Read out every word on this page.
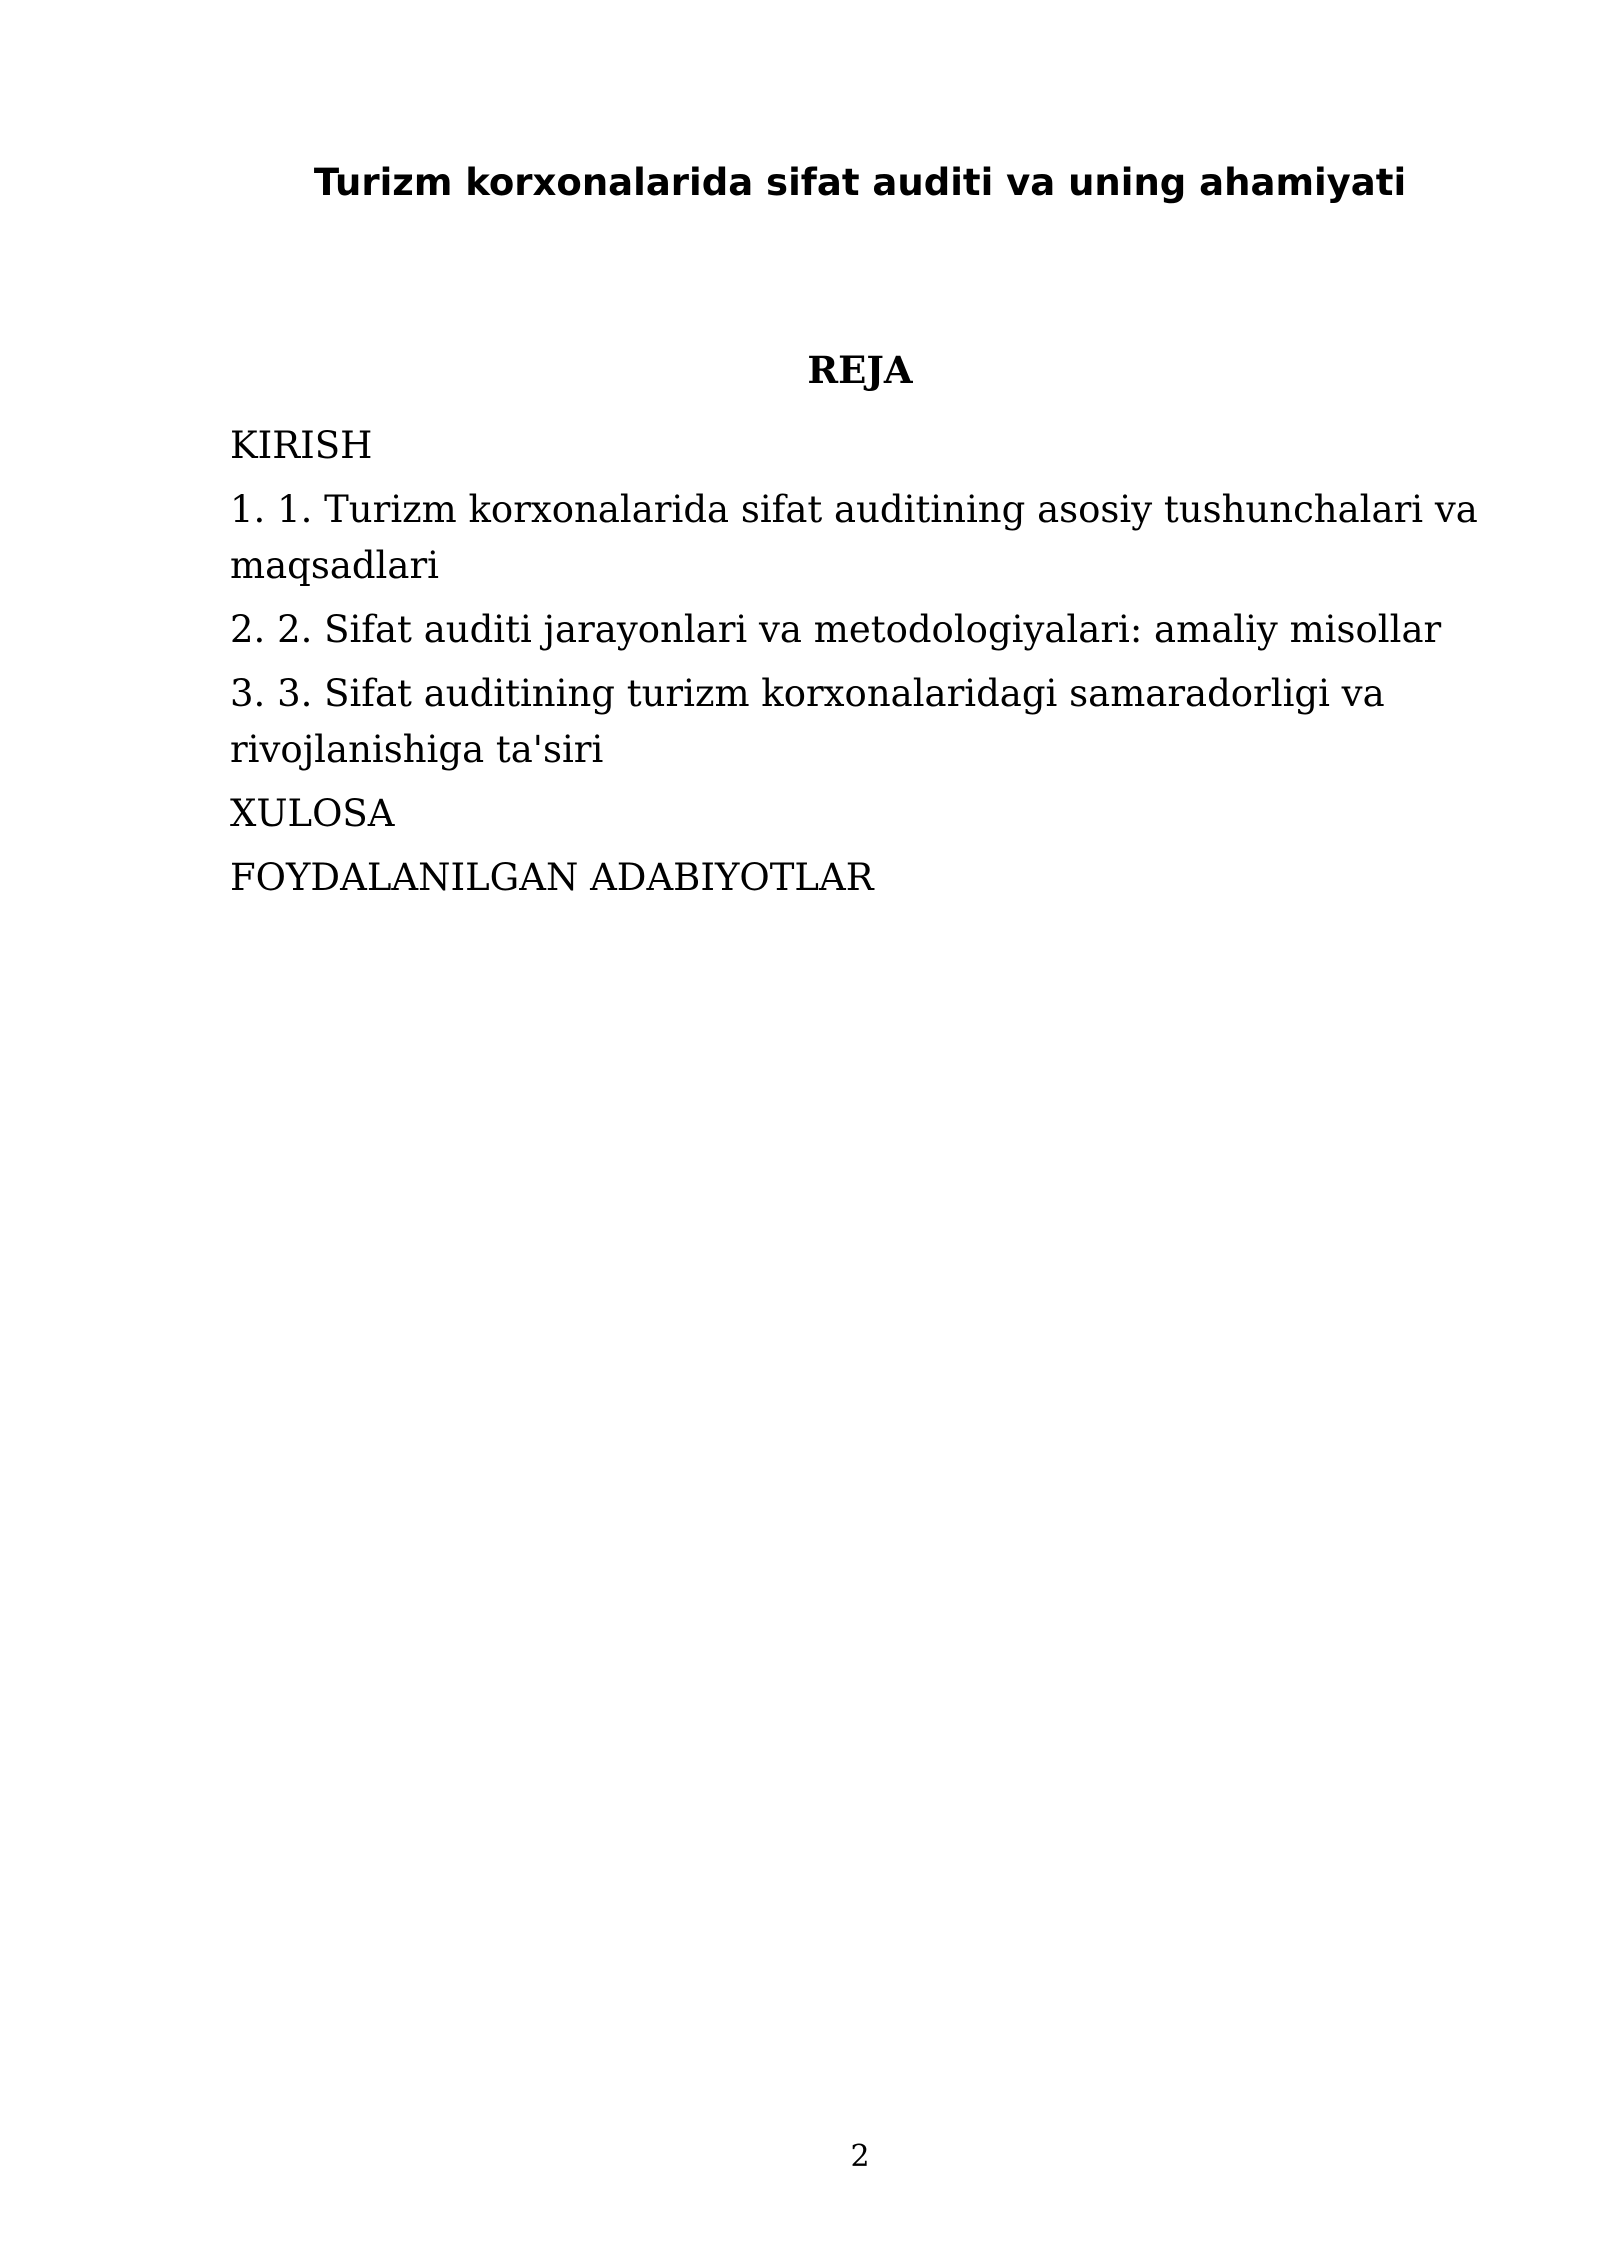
Turizm korxonalarida sifat auditi va uning ahamiyati
REJA
KIRISH
1. 1. Turizm korxonalarida sifat auditining asosiy tushunchalari va maqsadlari
2. 2. Sifat auditi jarayonlari va metodologiyalari: amaliy misollar
3. 3. Sifat auditining turizm korxonalaridagi samaradorligi va rivojlanishiga ta'siri
XULOSA
FOYDALANILGAN ADABIYOTLAR
2
